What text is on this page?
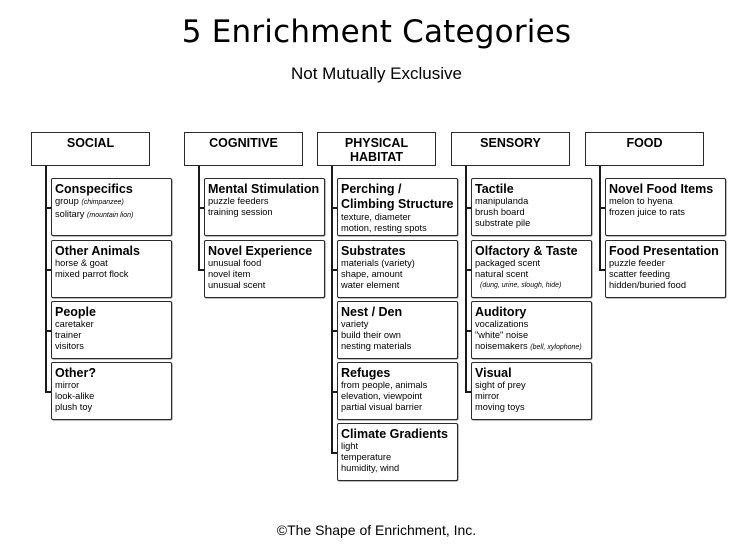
5 Enrichment Categories
Not Mutually Exclusive
SOCIAL
Conspecifics
group (chimpanzee)
solitary (mountain lion)
Other Animals
horse & goat
mixed parrot flock
People
caretaker
trainer
visitors
Other?
mirror
look-alike
plush toy
COGNITIVE
Mental Stimulation
puzzle feeders
training session
Novel Experience
unusual food
novel item
unusual scent
PHYSICAL HABITAT
Perching / Climbing Structure
texture, diameter
motion, resting spots
Substrates
materials (variety)
shape, amount
water element
Nest / Den
variety
build their own
nesting materials
Refuges
from people, animals
elevation, viewpoint
partial visual barrier
Climate Gradients
light
temperature
humidity, wind
SENSORY
Tactile
manipulanda
brush board
substrate pile
Olfactory & Taste
packaged scent
natural scent
(dung, urine, slough, hide)
Auditory
vocalizations
"white" noise
noisemakers (bell, xylophone)
Visual
sight of prey
mirror
moving toys
FOOD
Novel Food Items
melon to hyena
frozen juice to rats
Food Presentation
puzzle feeder
scatter feeding
hidden/buried food
©The Shape of Enrichment, Inc.
